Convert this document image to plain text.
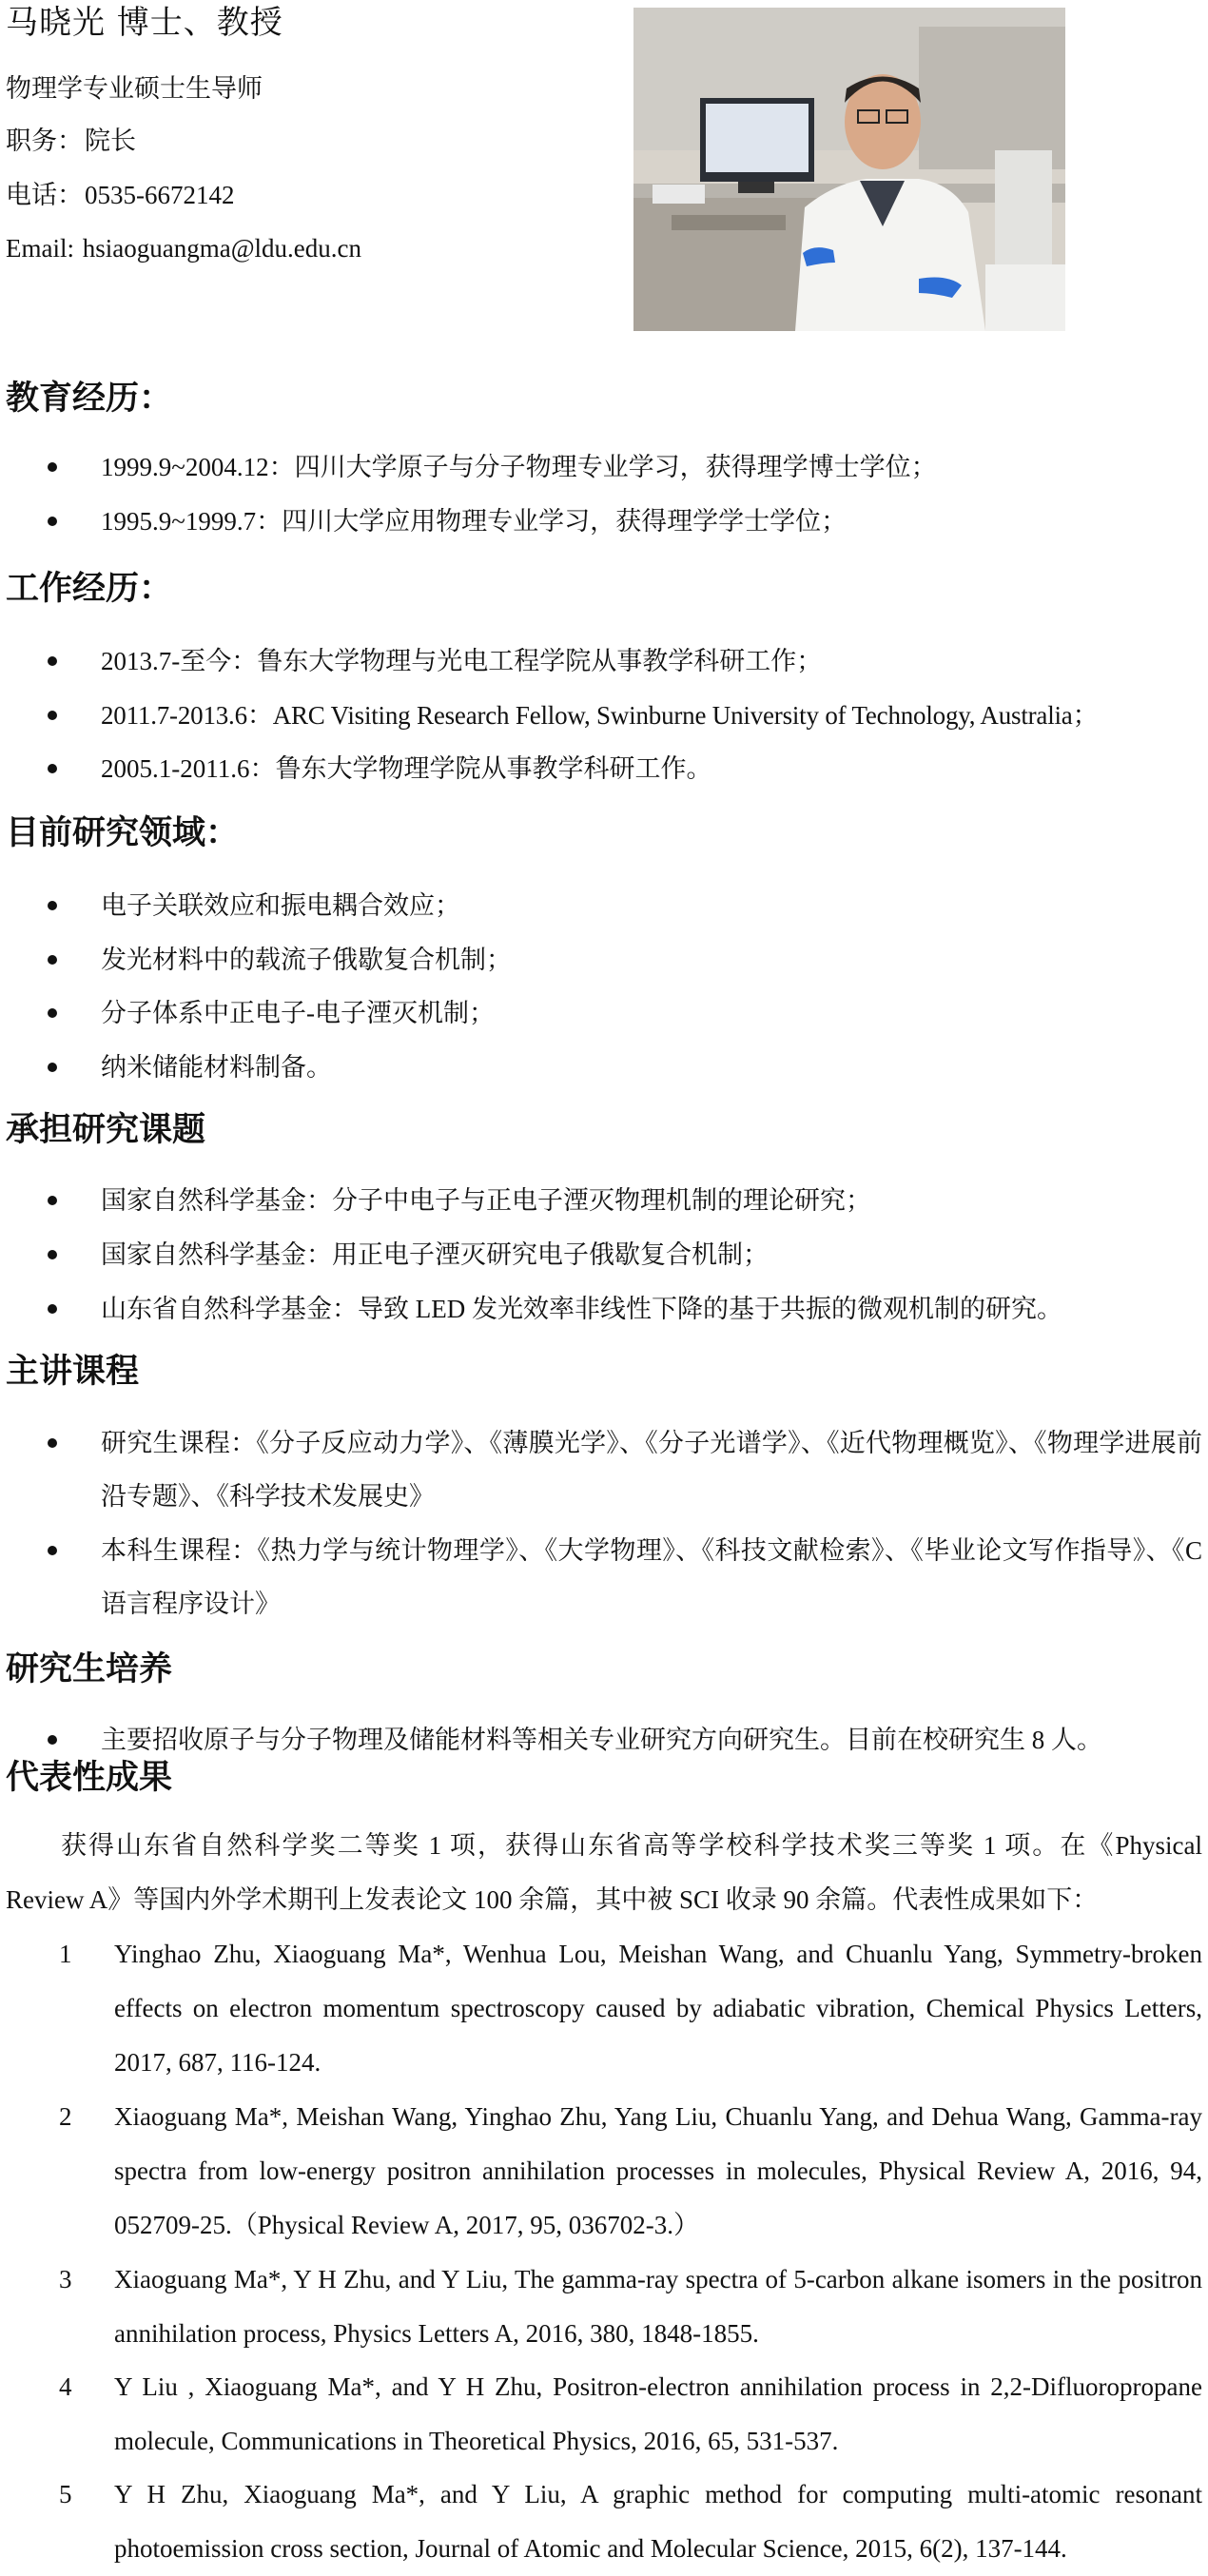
马晓光 博士、教授
物理学专业硕士生导师
职务：院长
电话：0535-6672142
Email: hsiaoguangma@ldu.edu.cn
教育经历：
1999.9~2004.12：四川大学原子与分子物理专业学习，获得理学博士学位；
1995.9~1999.7：四川大学应用物理专业学习，获得理学学士学位；
工作经历：
2013.7-至今：鲁东大学物理与光电工程学院从事教学科研工作；
2011.7-2013.6：ARC Visiting Research Fellow, Swinburne University of Technology, Australia；
2005.1-2011.6：鲁东大学物理学院从事教学科研工作。
目前研究领域：
电子关联效应和振电耦合效应；
发光材料中的载流子俄歇复合机制；
分子体系中正电子-电子湮灭机制；
纳米储能材料制备。
承担研究课题
国家自然科学基金：分子中电子与正电子湮灭物理机制的理论研究；
国家自然科学基金：用正电子湮灭研究电子俄歇复合机制；
山东省自然科学基金：导致 LED 发光效率非线性下降的基于共振的微观机制的研究。
主讲课程
研究生课程：《分子反应动力学》、《薄膜光学》、《分子光谱学》、《近代物理概览》、《物理学进展前沿专题》、《科学技术发展史》
本科生课程：《热力学与统计物理学》、《大学物理》、《科技文献检索》、《毕业论文写作指导》、《C 语言程序设计》
研究生培养
主要招收原子与分子物理及储能材料等相关专业研究方向研究生。目前在校研究生 8 人。
代表性成果
获得山东省自然科学奖二等奖 1 项，获得山东省高等学校科学技术奖三等奖 1 项。在《Physical Review A》等国内外学术期刊上发表论文 100 余篇，其中被 SCI 收录 90 余篇。代表性成果如下：
1 Yinghao Zhu, Xiaoguang Ma*, Wenhua Lou, Meishan Wang, and Chuanlu Yang, Symmetry-broken effects on electron momentum spectroscopy caused by adiabatic vibration, Chemical Physics Letters, 2017, 687, 116-124.
2 Xiaoguang Ma*, Meishan Wang, Yinghao Zhu, Yang Liu, Chuanlu Yang, and Dehua Wang, Gamma-ray spectra from low-energy positron annihilation processes in molecules, Physical Review A, 2016, 94, 052709-25.（Physical Review A, 2017, 95, 036702-3.）
3 Xiaoguang Ma*, Y H Zhu, and Y Liu, The gamma-ray spectra of 5-carbon alkane isomers in the positron annihilation process, Physics Letters A, 2016, 380, 1848-1855.
4 Y Liu , Xiaoguang Ma*, and Y H Zhu, Positron-electron annihilation process in 2,2-Difluoropropane molecule, Communications in Theoretical Physics, 2016, 65, 531-537.
5 Y H Zhu, Xiaoguang Ma*, and Y Liu, A graphic method for computing multi-atomic resonant photoemission cross section, Journal of Atomic and Molecular Science, 2015, 6(2), 137-144.
